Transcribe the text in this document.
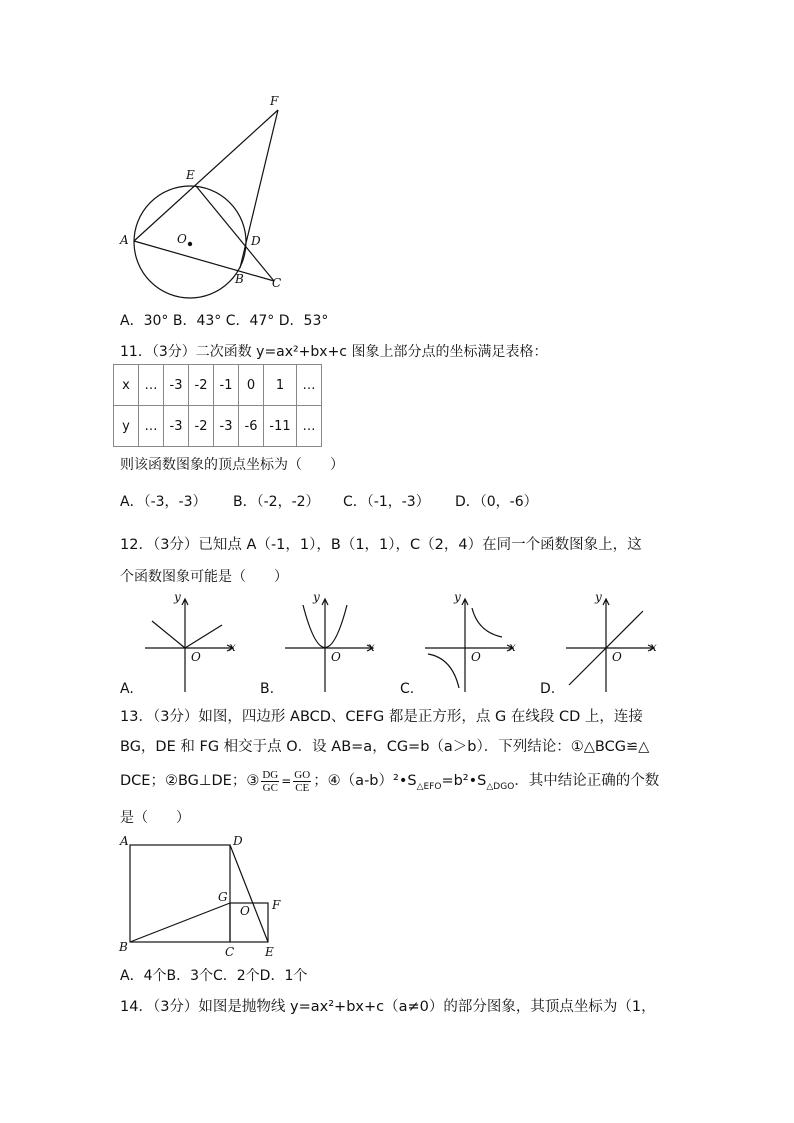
F
E
O
A	D
B C
A．30° B．43° C．47° D．53°
11．（3分）二次函数 y=ax²+bx+c 图象上部分点的坐标满足表格：
x	…	-3	-2	-1	0	1	…
y	…	-3	-2	-3	-6	-11	…
则该函数图象的顶点坐标为（　　）
A．（-3，-3） B．（-2，-2） C．（-1，-3） D．（0，-6）
12．（3分）已知点 A（-1，1），B（1，1），C（2，4）在同一个函数图象上，这
个函数图象可能是（　　）
y
x
O
y
x
O
y
x
O
y
x
O
A.	B.	C.	D.
13．（3分）如图，四边形 ABCD、CEFG 都是正方形，点 G 在线段 CD 上，连接
BG，DE 和 FG 相交于点 O．设 AB=a，CG=b（a＞b）．下列结论：①△BCG≌△
DCE；②BG⊥DE；③ $\frac{DG}{GC} = \frac{GO}{CE}$ ；$④(a-b)^2•S_{\triangle EFO}=b^2•S_{\triangle DGO}$．其中结论正确的个数
是（　　）
A	D
G
O F
B	C	E
A．4个B．3个C．2个D．1个
14．（3分）如图是抛物线 y=ax²+bx+c（a≠0）的部分图象，其顶点坐标为（1，
